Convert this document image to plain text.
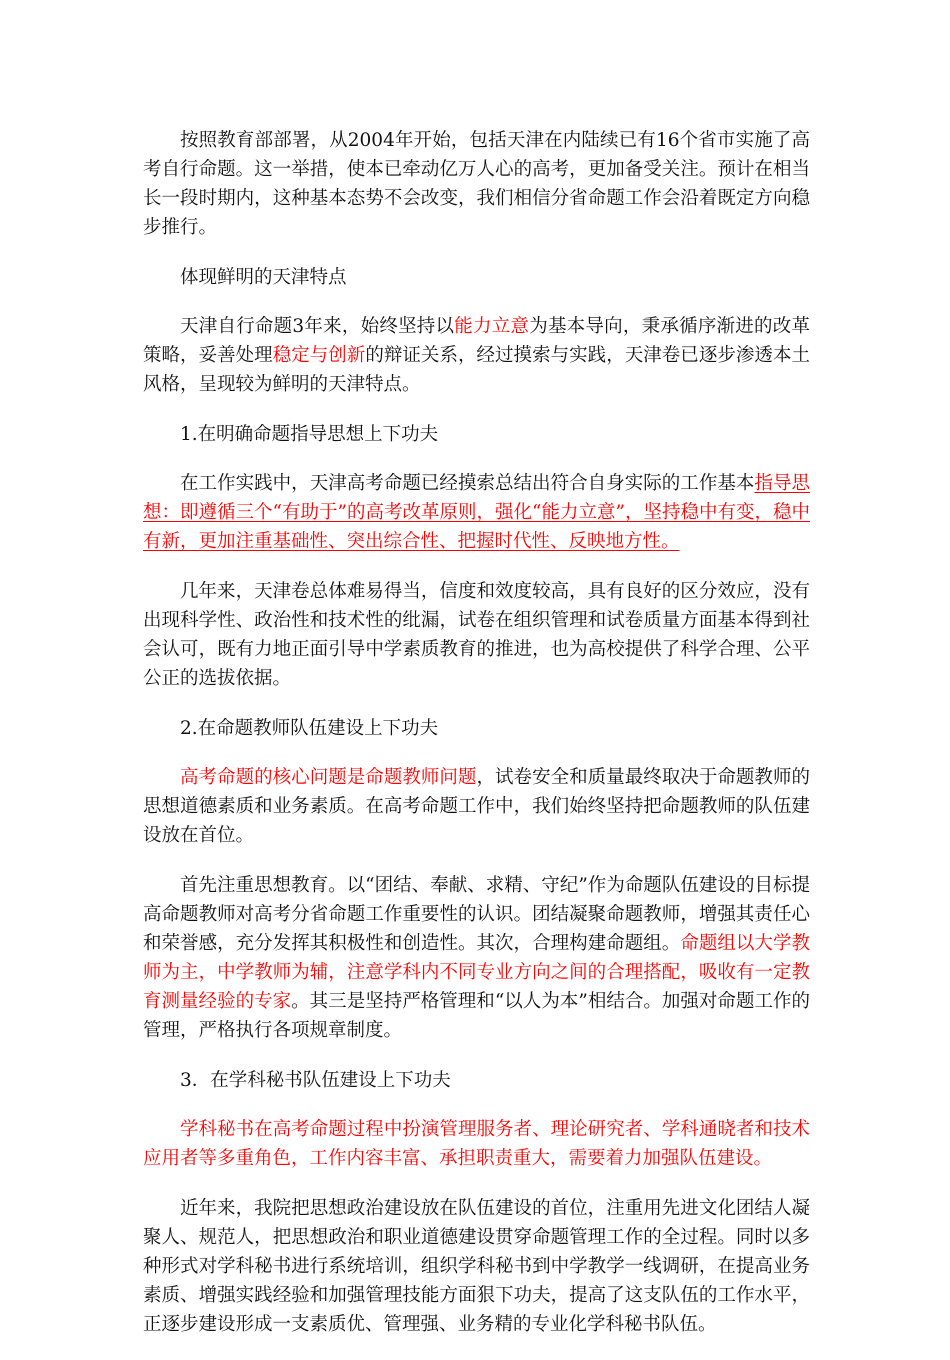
按照教育部部署，从2004年开始，包括天津在内陆续已有16个省市实施了高考自行命题。这一举措，使本已牵动亿万人心的高考，更加备受关注。预计在相当长一段时期内，这种基本态势不会改变，我们相信分省命题工作会沿着既定方向稳步推行。

体现鲜明的天津特点

天津自行命题3年来，始终坚持以能力立意为基本导向，秉承循序渐进的改革策略，妥善处理稳定与创新的辩证关系，经过摸索与实践，天津卷已逐步渗透本土风格，呈现较为鲜明的天津特点。

1.在明确命题指导思想上下功夫

在工作实践中，天津高考命题已经摸索总结出符合自身实际的工作基本指导思想：即遵循三个“有助于”的高考改革原则，强化“能力立意”，坚持稳中有变，稳中有新，更加注重基础性、突出综合性、把握时代性、反映地方性。

几年来，天津卷总体难易得当，信度和效度较高，具有良好的区分效应，没有出现科学性、政治性和技术性的纰漏，试卷在组织管理和试卷质量方面基本得到社会认可，既有力地正面引导中学素质教育的推进，也为高校提供了科学合理、公平公正的选拔依据。

2.在命题教师队伍建设上下功夫

高考命题的核心问题是命题教师问题，试卷安全和质量最终取决于命题教师的思想道德素质和业务素质。在高考命题工作中，我们始终坚持把命题教师的队伍建设放在首位。

首先注重思想教育。以“团结、奉献、求精、守纪”作为命题队伍建设的目标提高命题教师对高考分省命题工作重要性的认识。团结凝聚命题教师，增强其责任心和荣誉感，充分发挥其积极性和创造性。其次，合理构建命题组。命题组以大学教师为主，中学教师为辅，注意学科内不同专业方向之间的合理搭配，吸收有一定教育测量经验的专家。其三是坚持严格管理和“以人为本”相结合。加强对命题工作的管理，严格执行各项规章制度。

3．在学科秘书队伍建设上下功夫

学科秘书在高考命题过程中扮演管理服务者、理论研究者、学科通晓者和技术应用者等多重角色，工作内容丰富、承担职责重大，需要着力加强队伍建设。

近年来，我院把思想政治建设放在队伍建设的首位，注重用先进文化团结人凝聚人、规范人，把思想政治和职业道德建设贯穿命题管理工作的全过程。同时以多种形式对学科秘书进行系统培训，组织学科秘书到中学教学一线调研，在提高业务素质、增强实践经验和加强管理技能方面狠下功夫，提高了这支队伍的工作水平，正逐步建设形成一支素质优、管理强、业务精的专业化学科秘书队伍。
